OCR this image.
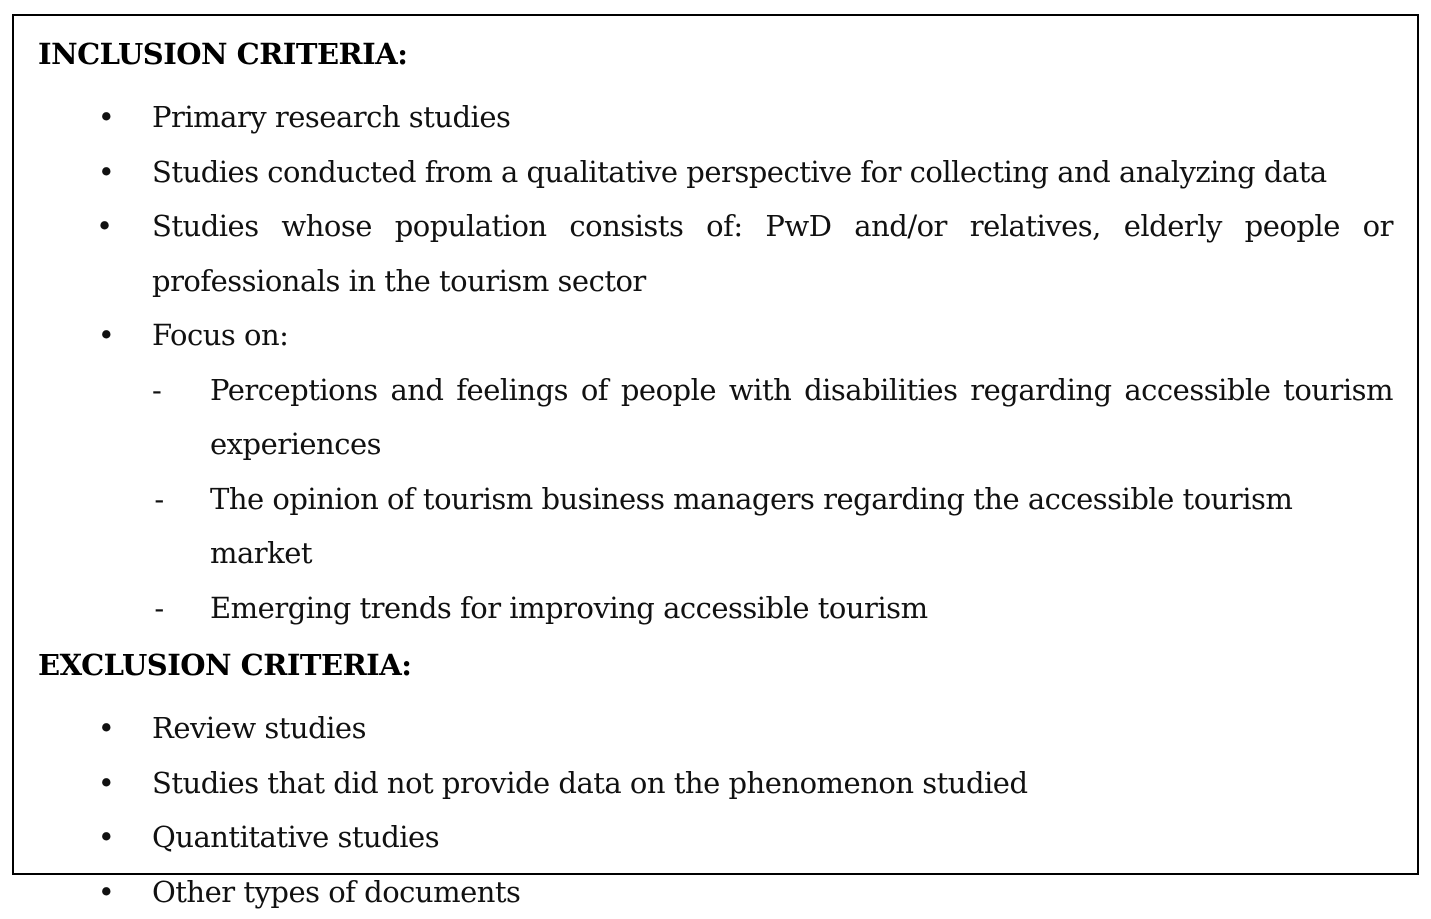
INCLUSION CRITERIA:
• Primary research studies
• Studies conducted from a qualitative perspective for collecting and analyzing data
• Studies whose population consists of: PwD and/or relatives, elderly people or professionals in the tourism sector
• Focus on:
- Perceptions and feelings of people with disabilities regarding accessible tourism experiences
- The opinion of tourism business managers regarding the accessible tourism market
- Emerging trends for improving accessible tourism
EXCLUSION CRITERIA:
• Review studies
• Studies that did not provide data on the phenomenon studied
• Quantitative studies
• Other types of documents
